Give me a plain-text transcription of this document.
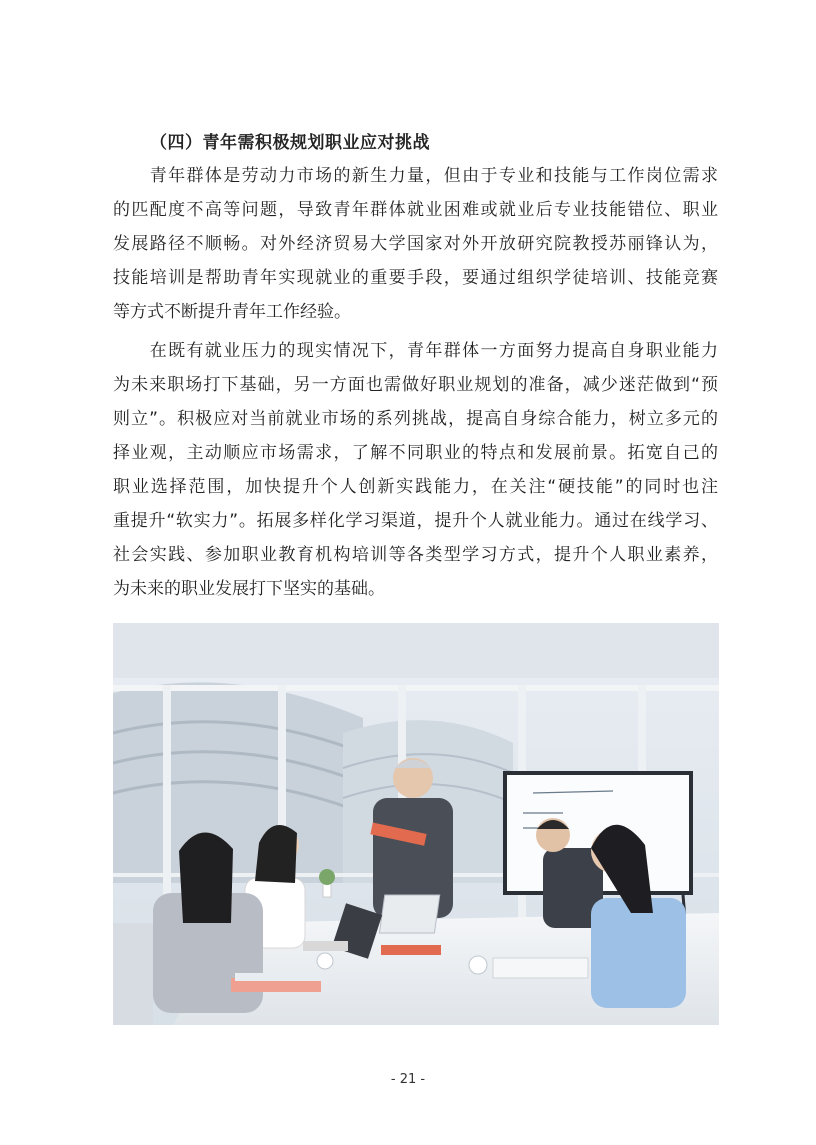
（四）青年需积极规划职业应对挑战
　　青年群体是劳动力市场的新生力量，但由于专业和技能与工作岗位需求
的匹配度不高等问题，导致青年群体就业困难或就业后专业技能错位、职业
发展路径不顺畅。对外经济贸易大学国家对外开放研究院教授苏丽锋认为，
技能培训是帮助青年实现就业的重要手段，要通过组织学徒培训、技能竞赛
等方式不断提升青年工作经验。
　　在既有就业压力的现实情况下，青年群体一方面努力提高自身职业能力
为未来职场打下基础，另一方面也需做好职业规划的准备，减少迷茫做到“预
则立”。积极应对当前就业市场的系列挑战，提高自身综合能力，树立多元的
择业观，主动顺应市场需求，了解不同职业的特点和发展前景。拓宽自己的
职业选择范围，加快提升个人创新实践能力，在关注“硬技能”的同时也注
重提升“软实力”。拓展多样化学习渠道，提升个人就业能力。通过在线学习、
社会实践、参加职业教育机构培训等各类型学习方式，提升个人职业素养，
为未来的职业发展打下坚实的基础。
- 21 -
